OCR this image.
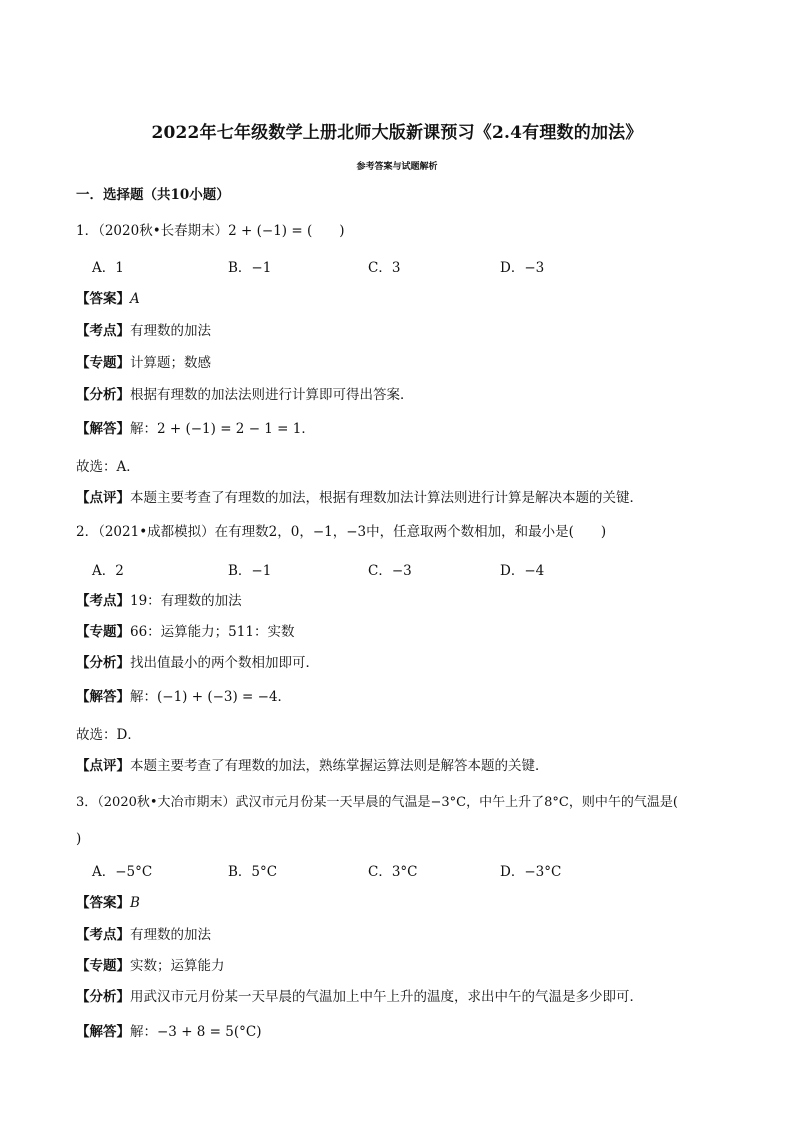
2022年七年级数学上册北师大版新课预习《2.4有理数的加法》
参考答案与试题解析
一．选择题（共10小题）
1．（2020秋•长春期末）2 + (−1) = (　　)
A．1	B．−1	C．3	D．−3
【答案】A
【考点】有理数的加法
【专题】计算题；数感
【分析】根据有理数的加法法则进行计算即可得出答案．
【解答】解：2 + (−1) = 2 − 1 = 1．
故选：A．
【点评】本题主要考查了有理数的加法，根据有理数加法计算法则进行计算是解决本题的关键．
2．（2021•成都模拟）在有理数2，0，−1，−3中，任意取两个数相加，和最小是(　　)
A．2	B．−1	C．−3	D．−4
【考点】19：有理数的加法
【专题】66：运算能力；511：实数
【分析】找出值最小的两个数相加即可．
【解答】解：(−1) + (−3) = −4．
故选：D．
【点评】本题主要考查了有理数的加法，熟练掌握运算法则是解答本题的关键．
3．（2020秋•大冶市期末）武汉市元月份某一天早晨的气温是−3°C，中午上升了8°C，则中午的气温是(
)
A．−5°C	B．5°C	C．3°C	D．−3°C
【答案】B
【考点】有理数的加法
【专题】实数；运算能力
【分析】用武汉市元月份某一天早晨的气温加上中午上升的温度，求出中午的气温是多少即可．
【解答】解：−3 + 8 = 5(°C)
